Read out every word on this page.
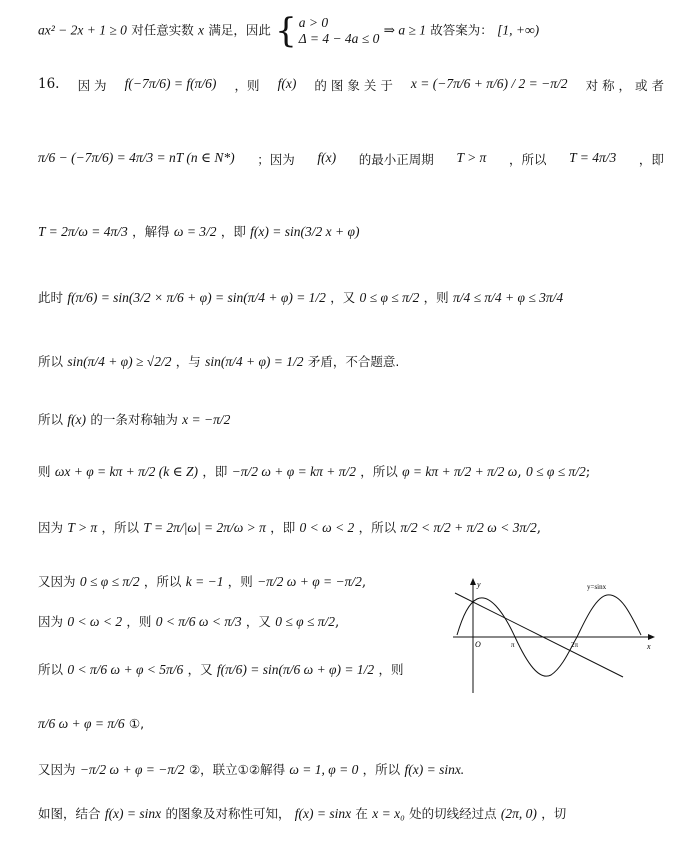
ax² − 2x + 1 ≥ 0 对任意实数 x 满足，因此 { a > 0
Δ = 4 − 4a ≤ 0
⇒ a ≥ 1 故答案为： [1, +∞)
16. 因 为 f(−7π/6) = f(π/6) ，则 f(x) 的 图 象 关 于 x = (−7π/6 + π/6) / 2 = −π/2 对 称 ， 或 者
π/6 − (−7π/6) = 4π/3 = nT (n ∈ N*) ；因为 f(x) 的最小正周期 T > π ，所以 T = 4π/3 ，即
T = 2π/ω = 4π/3 ，解得 ω = 3/2 ，即 f(x) = sin(3/2 x + φ)
此时 f(π/6) = sin(3/2 × π/6 + φ) = sin(π/4 + φ) = 1/2 ，又 0 ≤ φ ≤ π/2 ，则 π/4 ≤ π/4 + φ ≤ 3π/4
所以 sin(π/4 + φ) ≥ √2/2 ，与 sin(π/4 + φ) = 1/2 矛盾，不合题意.
所以 f(x) 的一条对称轴为 x = −π/2
则 ωx + φ = kπ + π/2 (k ∈ Z) ，即 −π/2 ω + φ = kπ + π/2 ，所以 φ = kπ + π/2 + π/2 ω, 0 ≤ φ ≤ π/2;
因为 T > π ，所以 T = 2π/|ω| = 2π/ω > π ，即 0 < ω < 2 ，所以 π/2 < π/2 + π/2 ω < 3π/2,
又因为 0 ≤ φ ≤ π/2 ，所以 k = −1 ，则 −π/2 ω + φ = −π/2,
因为 0 < ω < 2 ，则 0 < π/6 ω < π/3 ，又 0 ≤ φ ≤ π/2,
所以 0 < π/6 ω + φ < 5π/6 ，又 f(π/6) = sin(π/6 ω + φ) = 1/2 ，则
π/6 ω + φ = π/6 ①,
又因为 −π/2 ω + φ = −π/2 ②，联立①②解得 ω = 1, φ = 0 ，所以 f(x) = sinx.
如图，结合 f(x) = sinx 的图象及对称性可知， f(x) = sinx 在 x = x₀ 处的切线经过点 (2π, 0) ，切
y
x
y=sinx
O	π	2π
